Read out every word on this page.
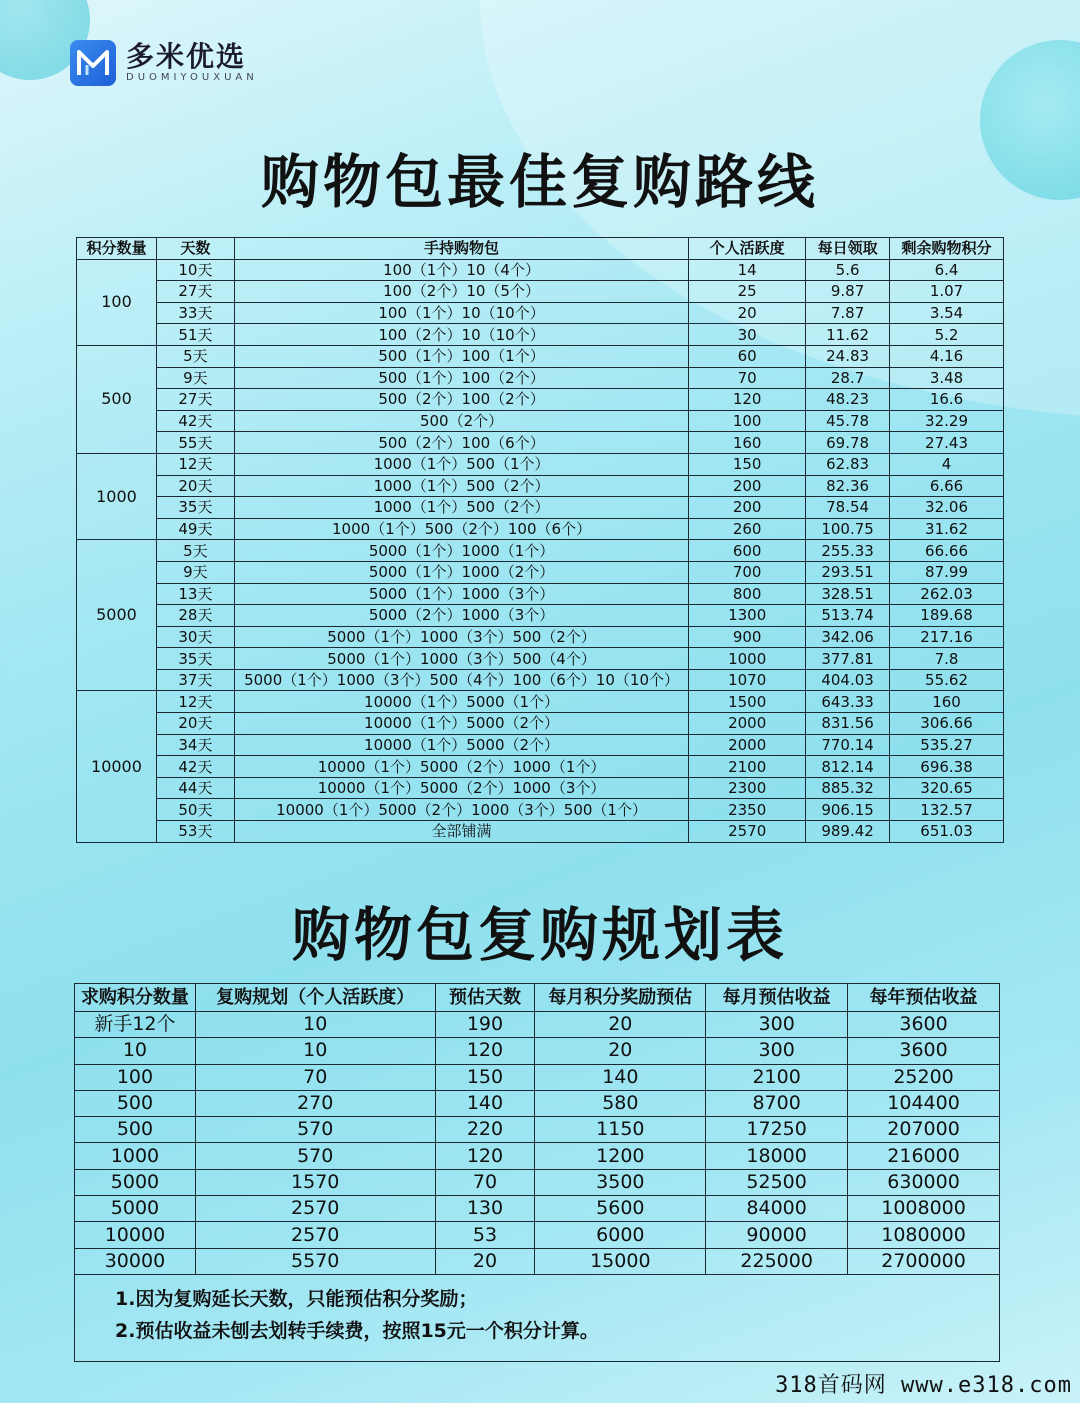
多米优选
DUOMIYOUXUAN
购物包最佳复购路线
积分数量	天数	手持购物包	个人活跃度	每日领取	剩余购物积分
100	10天	100（1个）10（4个）	14	5.6	6.4
	27天	100（2个）10（5个）	25	9.87	1.07
	33天	100（1个）10（10个）	20	7.87	3.54
	51天	100（2个）10（10个）	30	11.62	5.2
500	5天	500（1个）100（1个）	60	24.83	4.16
	9天	500（1个）100（2个）	70	28.7	3.48
	27天	500（2个）100（2个）	120	48.23	16.6
	42天	500（2个）	100	45.78	32.29
	55天	500（2个）100（6个）	160	69.78	27.43
1000	12天	1000（1个）500（1个）	150	62.83	4
	20天	1000（1个）500（2个）	200	82.36	6.66
	35天	1000（1个）500（2个）	200	78.54	32.06
	49天	1000（1个）500（2个）100（6个）	260	100.75	31.62
5000	5天	5000（1个）1000（1个）	600	255.33	66.66
	9天	5000（1个）1000（2个）	700	293.51	87.99
	13天	5000（1个）1000（3个）	800	328.51	262.03
	28天	5000（2个）1000（3个）	1300	513.74	189.68
	30天	5000（1个）1000（3个）500（2个）	900	342.06	217.16
	35天	5000（1个）1000（3个）500（4个）	1000	377.81	7.8
	37天	5000（1个）1000（3个）500（4个）100（6个）10（10个）	1070	404.03	55.62
10000	12天	10000（1个）5000（1个）	1500	643.33	160
	20天	10000（1个）5000（2个）	2000	831.56	306.66
	34天	10000（1个）5000（2个）	2000	770.14	535.27
	42天	10000（1个）5000（2个）1000（1个）	2100	812.14	696.38
	44天	10000（1个）5000（2个）1000（3个）	2300	885.32	320.65
	50天	10000（1个）5000（2个）1000（3个）500（1个）	2350	906.15	132.57
	53天	全部铺满	2570	989.42	651.03
购物包复购规划表
求购积分数量	复购规划（个人活跃度）	预估天数	每月积分奖励预估	每月预估收益	每年预估收益
新手12个	10	190	20	300	3600
10	10	120	20	300	3600
100	70	150	140	2100	25200
500	270	140	580	8700	104400
500	570	220	1150	17250	207000
1000	570	120	1200	18000	216000
5000	1570	70	3500	52500	630000
5000	2570	130	5600	84000	1008000
10000	2570	53	6000	90000	1080000
30000	5570	20	15000	225000	2700000

1.因为复购延长天数，只能预估积分奖励；
2.预估收益未刨去划转手续费，按照15元一个积分计算。					
318首码网 www.e318.com
